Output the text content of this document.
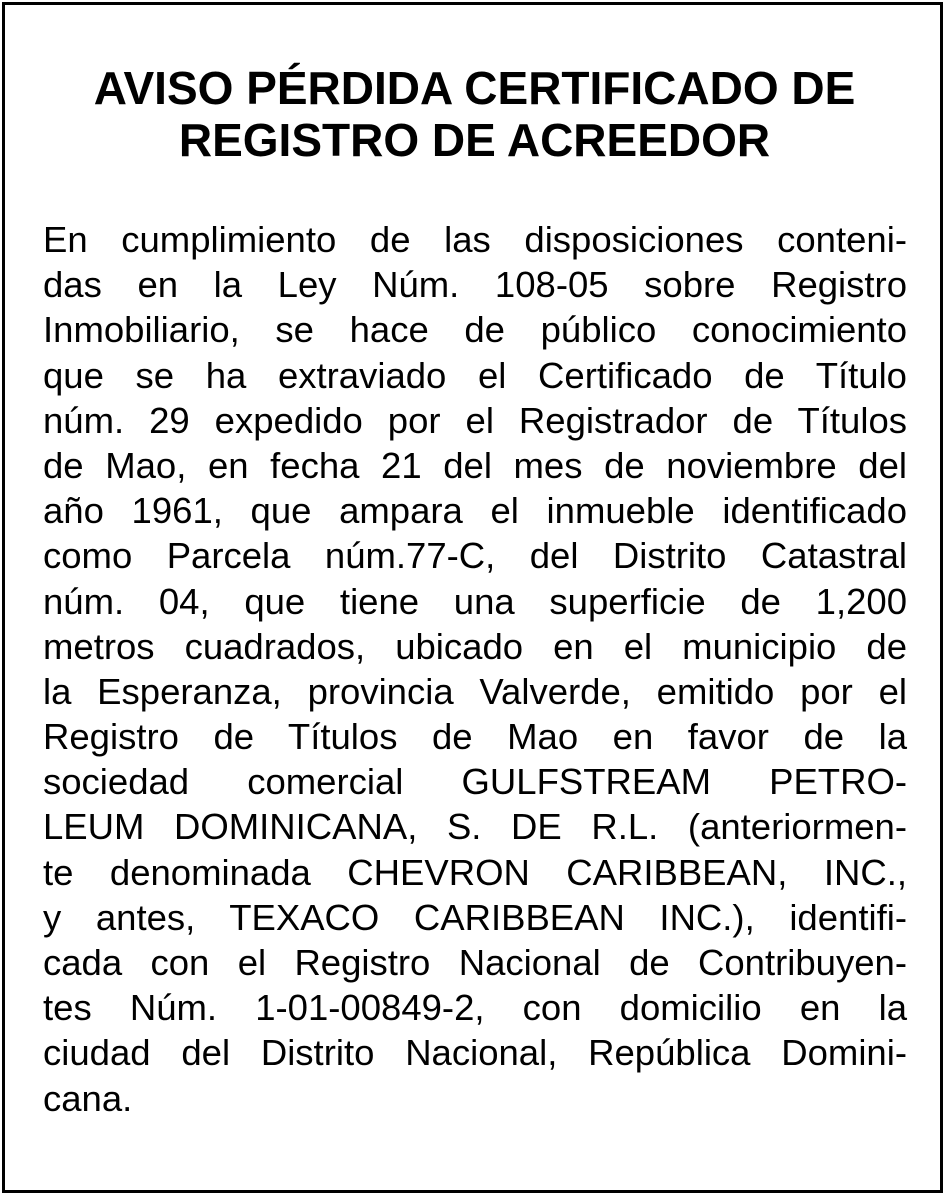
AVISO PÉRDIDA CERTIFICADO DE
REGISTRO DE ACREEDOR
En cumplimiento de las disposiciones conteni-
das en la Ley Núm. 108-05 sobre Registro
Inmobiliario, se hace de público conocimiento
que se ha extraviado el Certificado de Título
núm. 29 expedido por el Registrador de Títulos
de Mao, en fecha 21 del mes de noviembre del
año 1961, que ampara el inmueble identificado
como Parcela núm.77-C, del Distrito Catastral
núm. 04, que tiene una superficie de 1,200
metros cuadrados, ubicado en el municipio de
la Esperanza, provincia Valverde, emitido por el
Registro de Títulos de Mao en favor de la
sociedad comercial GULFSTREAM PETRO-
LEUM DOMINICANA, S. DE R.L. (anteriormen-
te denominada CHEVRON CARIBBEAN, INC.,
y antes, TEXACO CARIBBEAN INC.), identifi-
cada con el Registro Nacional de Contribuyen-
tes Núm. 1-01-00849-2, con domicilio en la
ciudad del Distrito Nacional, República Domini-
cana.
